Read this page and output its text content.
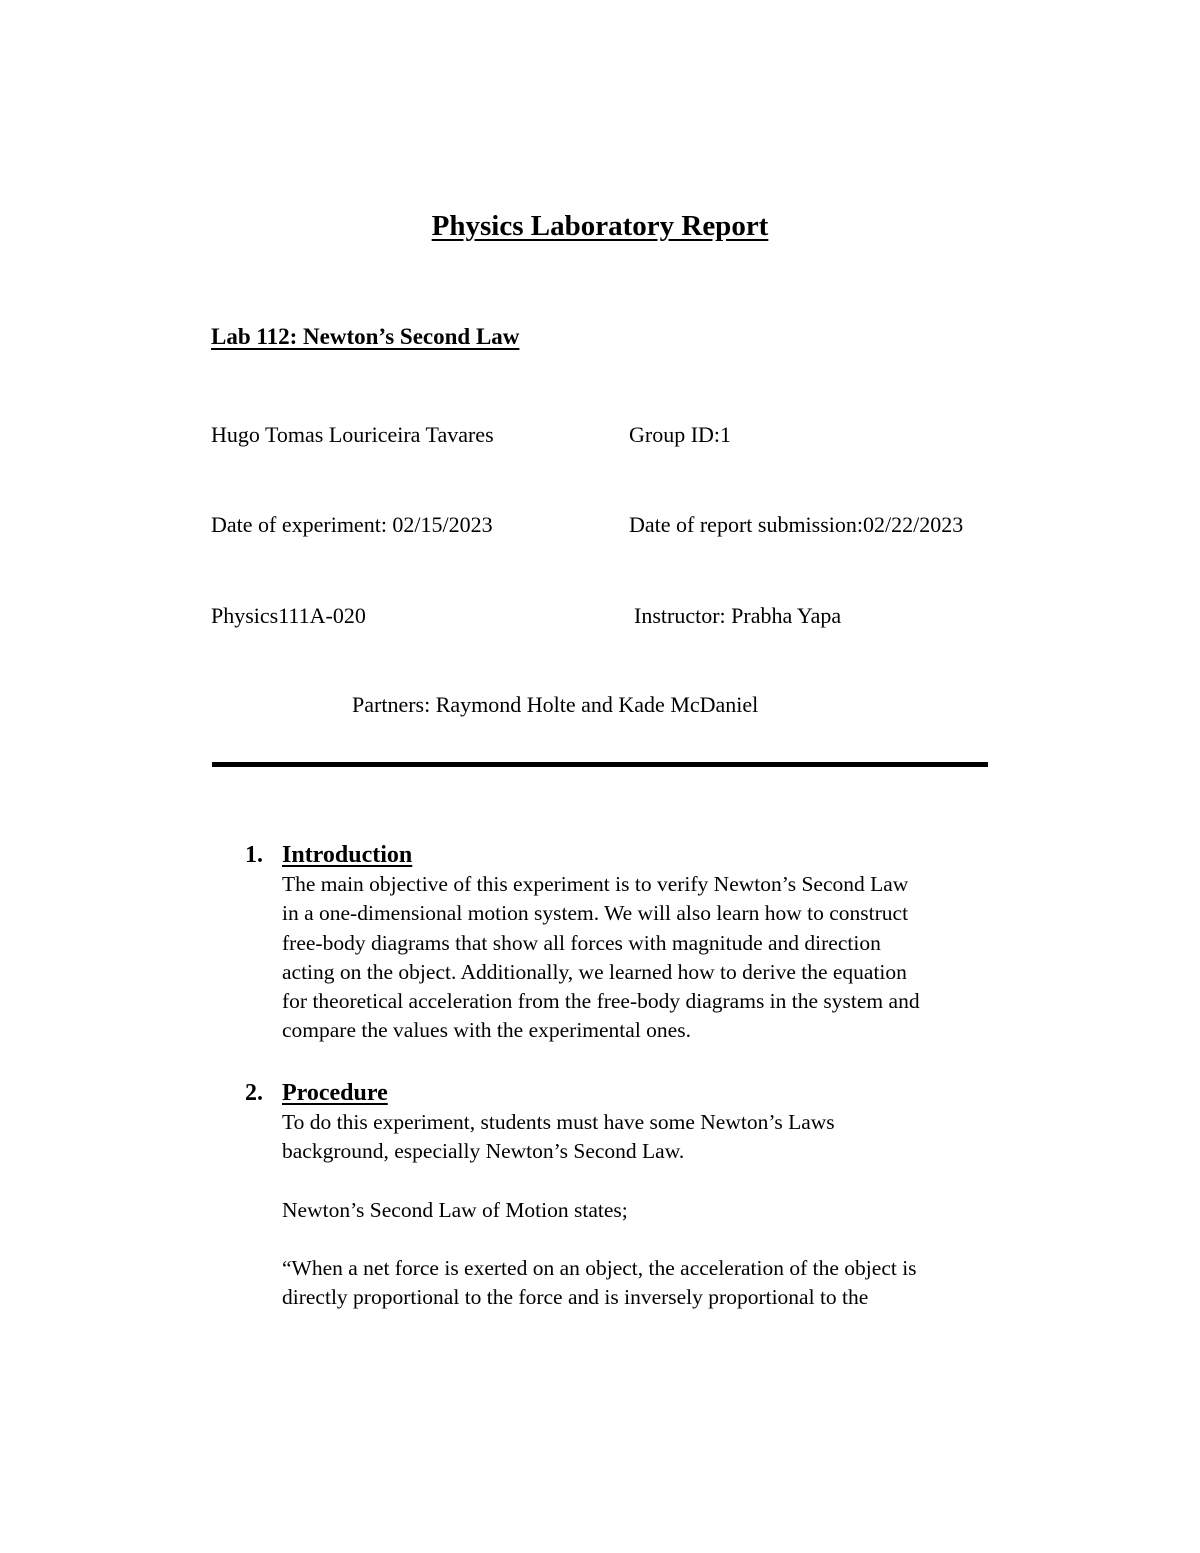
Physics Laboratory Report
Lab 112: Newton’s Second Law
Hugo Tomas Louriceira Tavares	Group ID:1
Date of experiment: 02/15/2023	Date of report submission:02/22/2023
Physics111A-020	Instructor: Prabha Yapa
Partners: Raymond Holte and Kade McDaniel
1. Introduction
The main objective of this experiment is to verify Newton’s Second Law
in a one-dimensional motion system. We will also learn how to construct
free-body diagrams that show all forces with magnitude and direction
acting on the object. Additionally, we learned how to derive the equation
for theoretical acceleration from the free-body diagrams in the system and
compare the values with the experimental ones.
2. Procedure
To do this experiment, students must have some Newton’s Laws
background, especially Newton’s Second Law.
Newton’s Second Law of Motion states;
“When a net force is exerted on an object, the acceleration of the object is
directly proportional to the force and is inversely proportional to the
